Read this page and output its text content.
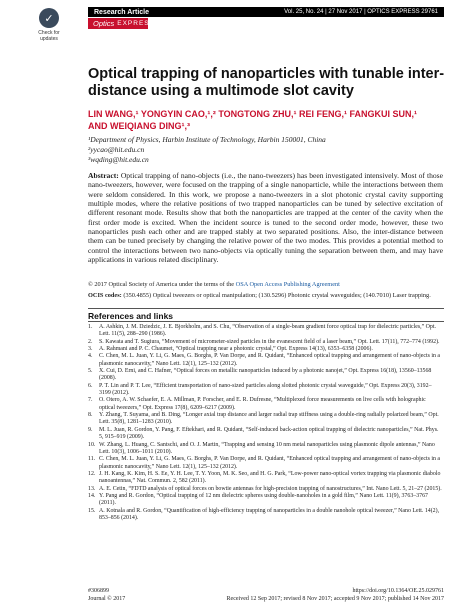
✓
Check for
updates
Research Article	Vol. 25, No. 24 | 27 Nov 2017 | OPTICS EXPRESS 29761
Optics EXPRESS
Optical trapping of nanoparticles with tunable inter-distance using a multimode slot cavity
LIN WANG,¹ YONGYIN CAO,¹,² TONGTONG ZHU,¹ REI FENG,¹ FANGKUI SUN,¹ AND WEIQIANG DING¹,³
¹Department of Physics, Harbin Institute of Technology, Harbin 150001, China
²yycao@hit.edu.cn
³wqding@hit.edu.cn
Abstract: Optical trapping of nano-objects (i.e., the nano-tweezers) has been investigated intensively. Most of those nano-tweezers, however, were focused on the trapping of a single nanoparticle, while the interactions between them were seldom considered. In this work, we propose a nano-tweezers in a slot photonic crystal cavity supporting multiple modes, where the relative positions of two trapped nanoparticles can be tuned by selective excitation of different resonant mode. Results show that both the nanoparticles are trapped at the center of the cavity when the first order mode is excited. When the incident source is tuned to the second order mode, however, these two nanoparticles push each other and are trapped stably at two separated positions. Also, the inter-distance between them can be tuned precisely by changing the relative power of the two modes. This provides a potential method to control the interactions between two nano-objects via optically tuning the separation between them, and may have applications in various related disciplinary.
© 2017 Optical Society of America under the terms of the OSA Open Access Publishing Agreement
OCIS codes: (350.4855) Optical tweezers or optical manipulation; (130.5296) Photonic crystal waveguides; (140.7010) Laser trapping.
References and links
1.	A. Ashkin, J. M. Dziedzic, J. E. Bjorkholm, and S. Chu, “Observation of a single-beam gradient force optical trap for dielectric particles,” Opt. Lett. 11(5), 288–290 (1986).
2.	S. Kawata and T. Sugiura, “Movement of micrometer-sized particles in the evanescent field of a laser beam,” Opt. Lett. 17(11), 772–774 (1992).
3.	A. Rahmani and P. C. Chaumet, “Optical trapping near a photonic crystal,” Opt. Express 14(13), 6353–6358 (2006).
4.	C. Chen, M. L. Juan, Y. Li, G. Maes, G. Borghs, P. Van Dorpe, and R. Quidant, “Enhanced optical trapping and arrangement of nano-objects in a plasmonic nanocavity,” Nano Lett. 12(1), 125–132 (2012).
5.	X. Cui, D. Erni, and C. Hafner, “Optical forces on metallic nanoparticles induced by a photonic nanojet,” Opt. Express 16(18), 13560–13568 (2008).
6.	P. T. Lin and P. T. Lee, “Efficient transportation of nano-sized particles along slotted photonic crystal waveguide,” Opt. Express 20(3), 3192–3199 (2012).
7.	O. Otero, A. W. Schaefer, E. A. Millman, P. Forscher, and E. R. Dufresne, “Multiplexed force measurements on live cells with holographic optical tweezers,” Opt. Express 17(8), 6209–6217 (2009).
8.	Y. Zhang, T. Suyama, and B. Ding, “Longer axial trap distance and larger radial trap stiffness using a double-ring radially polarized beam,” Opt. Lett. 35(8), 1281–1283 (2010).
9.	M. L. Juan, R. Gordon, Y. Pang, F. Eftekhari, and R. Quidant, “Self-induced back-action optical trapping of dielectric nanoparticles,” Nat. Phys. 5, 915–919 (2009).
10. W. Zhang, L. Huang, C. Santschi, and O. J. Martin, “Trapping and sensing 10 nm metal nanoparticles using plasmonic dipole antennas,” Nano Lett. 10(3), 1006–1011 (2010).
11. C. Chen, M. L. Juan, Y. Li, G. Maes, G. Borghs, P. Van Dorpe, and R. Quidant, “Enhanced optical trapping and arrangement of nano-objects in a plasmonic nanocavity,” Nano Lett. 12(1), 125–132 (2012).
12. J. H. Kang, K. Kim, H. S. Ee, Y. H. Lee, T. Y. Yoon, M. K. Seo, and H. G. Park, “Low-power nano-optical vortex trapping via plasmonic diabolo nanoantennas,” Nat. Commun. 2, 582 (2011).
13. A. E. Cetin, “FDTD analysis of optical forces on bowtie antennas for high-precision trapping of nanostructures,” Int. Nano Lett. 5, 21–27 (2015).
14. Y. Pang and R. Gordon, “Optical trapping of 12 nm dielectric spheres using double-nanoholes in a gold film,” Nano Lett. 11(9), 3763–3767 (2011).
15. A. Kotnala and R. Gordon, “Quantification of high-efficiency trapping of nanoparticles in a double nanohole optical tweezer,” Nano Lett. 14(2), 853–856 (2014).
#306899	https://doi.org/10.1364/OE.25.029761
Journal © 2017	Received 12 Sep 2017; revised 8 Nov 2017; accepted 9 Nov 2017; published 14 Nov 2017
